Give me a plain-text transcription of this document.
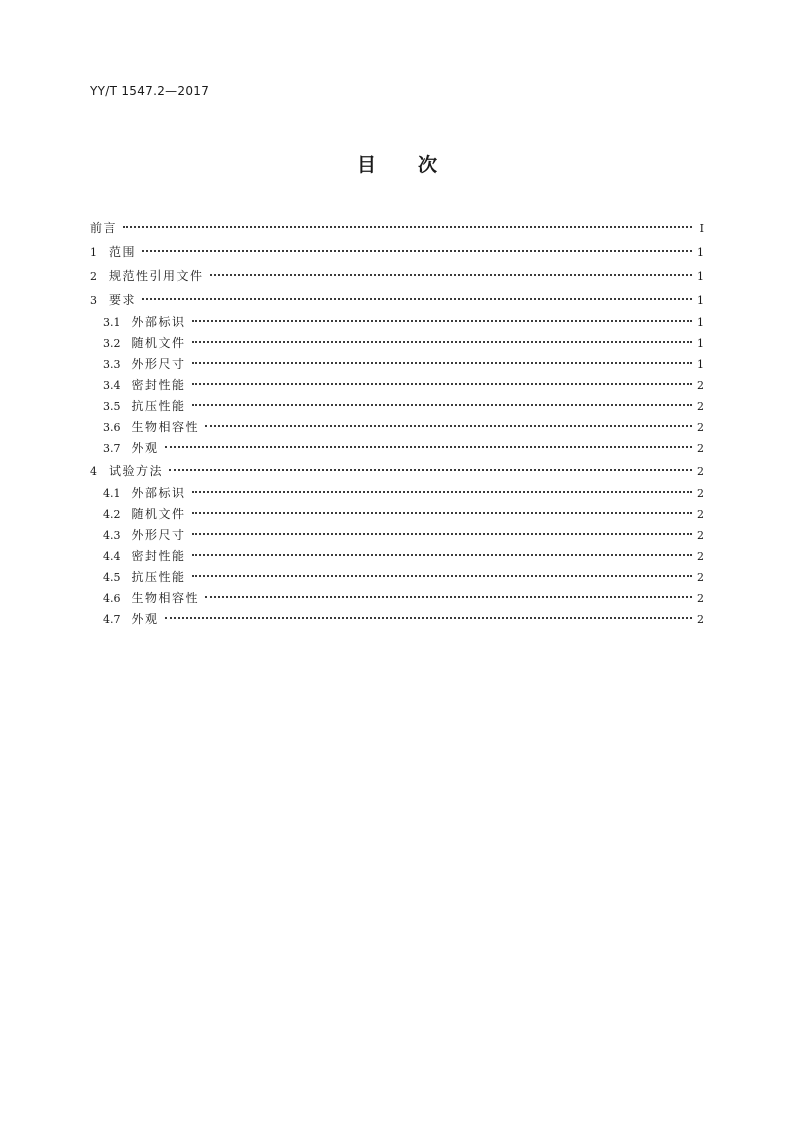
YY/T 1547.2—2017
目 次
前言	I
1 范围	1
2 规范性引用文件	1
3 要求	1
3.1 外部标识	1
3.2 随机文件	1
3.3 外形尺寸	1
3.4 密封性能	2
3.5 抗压性能	2
3.6 生物相容性	2
3.7 外观	2
4 试验方法	2
4.1 外部标识	2
4.2 随机文件	2
4.3 外形尺寸	2
4.4 密封性能	2
4.5 抗压性能	2
4.6 生物相容性	2
4.7 外观	2
